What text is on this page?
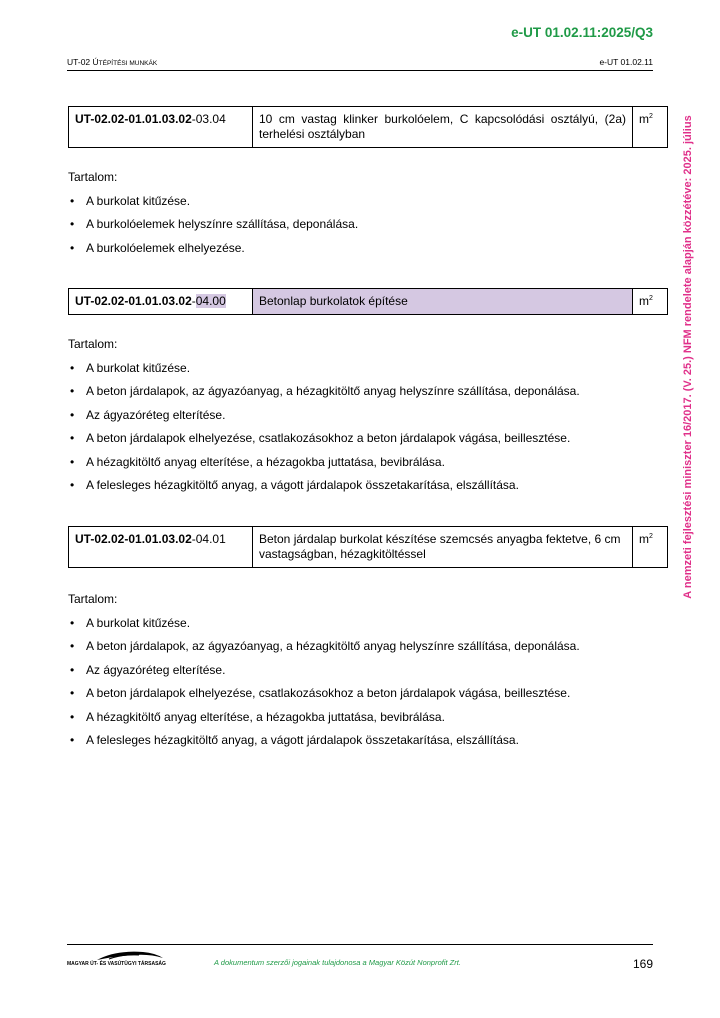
e-UT 01.02.11:2025/Q3
UT-02 ÚTÉPÍTÉSI MUNKÁK	e-UT 01.02.11
A nemzeti fejlesztési miniszter 16/2017. (V. 25.) NFM rendelete alapján közzétéve: 2025. július
UT-02.02-01.01.03.02-03.04	10 cm vastag klinker burkolóelem, C kapcsolódási osztályú, (2a) terhelési osztályban	$m^2$
Tartalom:
• A burkolat kitűzése.
• A burkolóelemek helyszínre szállítása, deponálása.
• A burkolóelemek elhelyezése.
UT-02.02-01.01.03.02-04.00	Betonlap burkolatok építése	$m^2$
Tartalom:
• A burkolat kitűzése.
• A beton járdalapok, az ágyazóanyag, a hézagkitöltő anyag helyszínre szállítása, deponálása.
• Az ágyazóréteg elterítése.
• A beton járdalapok elhelyezése, csatlakozásokhoz a beton járdalapok vágása, beillesztése.
• A hézagkitöltő anyag elterítése, a hézagokba juttatása, bevibrálása.
• A felesleges hézagkitöltő anyag, a vágott járdalapok összetakarítása, elszállítása.
UT-02.02-01.01.03.02-04.01	Beton járdalap burkolat készítése szemcsés anyagba fektetve, 6 cm vastagságban, hézagkitöltéssel	$m^2$
Tartalom:
• A burkolat kitűzése.
• A beton járdalapok, az ágyazóanyag, a hézagkitöltő anyag helyszínre szállítása, deponálása.
• Az ágyazóréteg elterítése.
• A beton járdalapok elhelyezése, csatlakozásokhoz a beton járdalapok vágása, beillesztése.
• A hézagkitöltő anyag elterítése, a hézagokba juttatása, bevibrálása.
• A felesleges hézagkitöltő anyag, a vágott járdalapok összetakarítása, elszállítása.
MAGYAR ÚT- ÉS VASÚTÜGYI TÁRSASÁG	A dokumentum szerzői jogainak tulajdonosa a Magyar Közút Nonprofit Zrt.	169
